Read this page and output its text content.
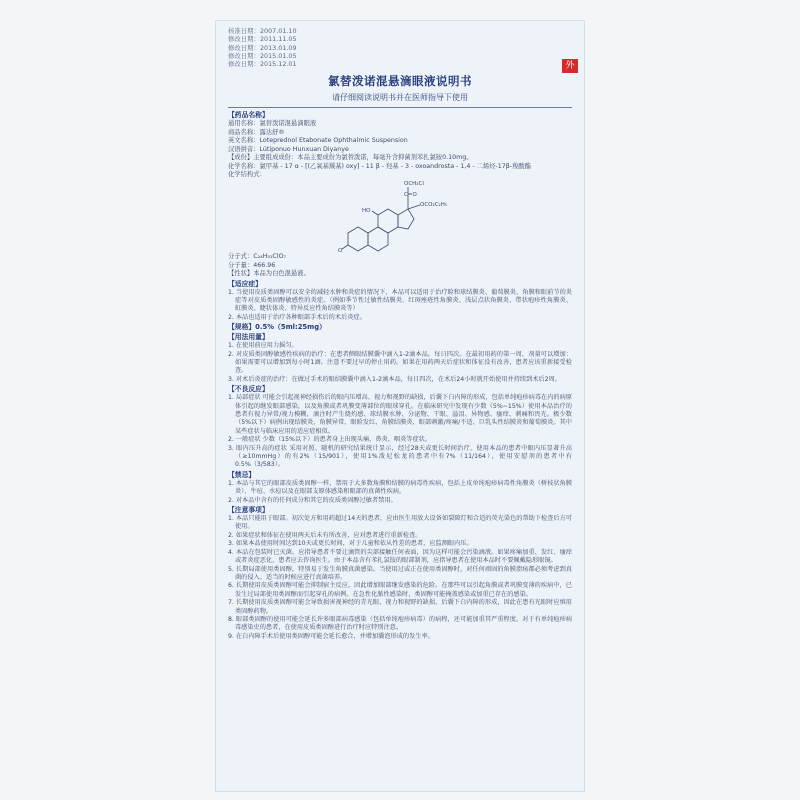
外
核准日期：2007.01.10
修改日期：2011.11.05
修改日期：2013.01.09
修改日期：2015.01.05
修改日期：2015.12.01
氯替泼诺混悬滴眼液说明书
请仔细阅读说明书并在医师指导下使用
【药品名称】
通用名称：氯替泼诺混悬滴眼液
商品名称：露达舒®
英文名称：Loteprednol Etabonate Ophthalmic Suspension
汉语拼音：Lütiponuo Hunxuan Diyanye
【成份】主要组成成份：本品主要成份为氯替泼诺，每毫升含抑菌剂苯扎氯铵0.10mg。
化学名称：氯甲基 - 17 α - [(乙氧基羰基) oxy] - 11 β - 羟基 - 3 - oxoandrosta - 1,4 - 二烯烃-17β-羧酸酯
化学结构式：
OCH₂Cl
C=O
OCO₂C₂H₅
HO
O
分子式：C₂₄H₃₁ClO₇
分子量：466.96
【性状】本品为白色混悬液。
【适应症】
1. 当使用皮质类固醇可以安全的减轻水肿和炎症的情况下，本品可以适用于治疗睑和球结膜炎、葡萄膜炎、角膜和眼前节的炎症等对皮质类固醇敏感性的炎症。（例如季节性过敏性结膜炎、红斑痤疮性角膜炎、浅层点状角膜炎、带状疱疹性角膜炎、虹膜炎、睫状体炎、特异反应性角结膜炎等）
2. 本品也适用于治疗各种眼部手术后的术后炎症。
【规格】0.5%（5ml:25mg）
【用法用量】
1. 在使用前应用力摇匀。
2. 对皮质类固醇敏感性疾病的治疗：在患者侧眼结膜囊中滴入1-2滴本品，每日四次。在最初用药的第一周，剂量可以增加：如果需要可以增加到每小时1滴。注意不要过早的停止用药。如果在用药两天后症状和体征没有改善，患者应该重新接受检查。
3. 对术后炎症的治疗：在做过手术的眼结膜囊中滴入1-2滴本品，每日四次，在术后24小时就开始使用并持续到术后2周。
【不良反应】
1. 局部症状 可能会引起视神经损伤后的眼内压增高、视力和视野的缺损，后囊下白内障的形成，包括单纯疱疹病毒在内的病原体引起的继发眼部感染，以及角膜或者巩膜变薄部位的眼球穿孔。在临床研究中发现有少数（5%~15%）使用本品治疗的患者有视力异常/视力模糊，滴注时产生烧灼感、球结膜水肿、分泌物、干眼、溢泪、异物感、瘙痒、刺痛和畏光。极少数（5%以下）病例出现结膜炎、角膜异常、眼睑发红、角膜结膜炎、眼部刺激/疼痛/不适、巨乳头性结膜炎和葡萄膜炎。其中某些症状与临床应用的适应症相似。
2. 一般症状 少数（15%以下）的患者身上出现头痛、鼻炎、咽炎等症状。
3. 眼内压升高的症状 采用对照、随机的研究结果统计显示，经过28天或更长时间治疗，使用本品的患者中眼内压显著升高（≥10mmHg）的有2%（15/901），使用1%泼尼松龙的患者中有7%（11/164），使用安慰剂的患者中有0.5%（3/583）。
【禁忌】
1. 本品与其它的眼部皮质类固醇一样，禁用于大多数角膜和结膜的病毒性疾病，包括上皮单纯疱疹病毒性角膜炎（树枝状角膜炎）、牛痘、水痘以及在眼部支原体感染和眼部的真菌性疾病。
2. 对本品中含有的任何成分和其它的皮质类固醇过敏者禁用。
【注意事项】
1. 本品只能用于眼部。初次处方和用药超过14天的患者，应由医生用放大设备如裂隙灯和合适的荧光染色的帮助下检查后方可使用。
2. 如果症状和体征在使用两天后未有所改善，应对患者进行重新检查。
3. 如果本品使用时间达到10天或更长时间，对于儿童和依从性差的患者，应监测眼内压。
4. 本品在包装时已灭菌。应指导患者不要让滴管的尖部接触任何表面，因为这样可能会污染滴液。如果疼痛加重、发红、瘙痒或者炎症恶化，患者应去咨询医生。由于本品含有苯扎氯铵的眼部制剂，应指导患者在使用本品时不要佩戴隐形眼镜。
5. 长期局部使用类固醇，特别易于发生角膜真菌感染。当使用过或正在使用类固醇时，对任何顽固的角膜溃疡都必须考虑到真菌的侵入。适当的时候应进行真菌培养。
6. 长期使用皮质类固醇可能会抑制宿主反应，因此增加眼部继发感染的危险。在那些可以引起角膜或者巩膜变薄的疾病中，已发生过局部使用类固醇而引起穿孔的病例。在急性化脓性感染时，类固醇可能掩盖感染或加重已存在的感染。
7. 长期使用皮质类固醇可能会导致损害视神经的青光眼、视力和视野的缺损、后囊下白内障的形成，因此在患有光眼时应慎用类固醇药物。
8. 眼部类固醇的使用可能会延长许多眼部病毒感染（包括单纯疱疹病毒）的病程，还可能加重其严重程度。对于有单纯疱疹病毒感染史的患者，在使用皮质类固醇进行治疗时应特别注意。
9. 在白内障手术后使用类固醇可能会延长愈合，并增加囊泡形成的发生率。
